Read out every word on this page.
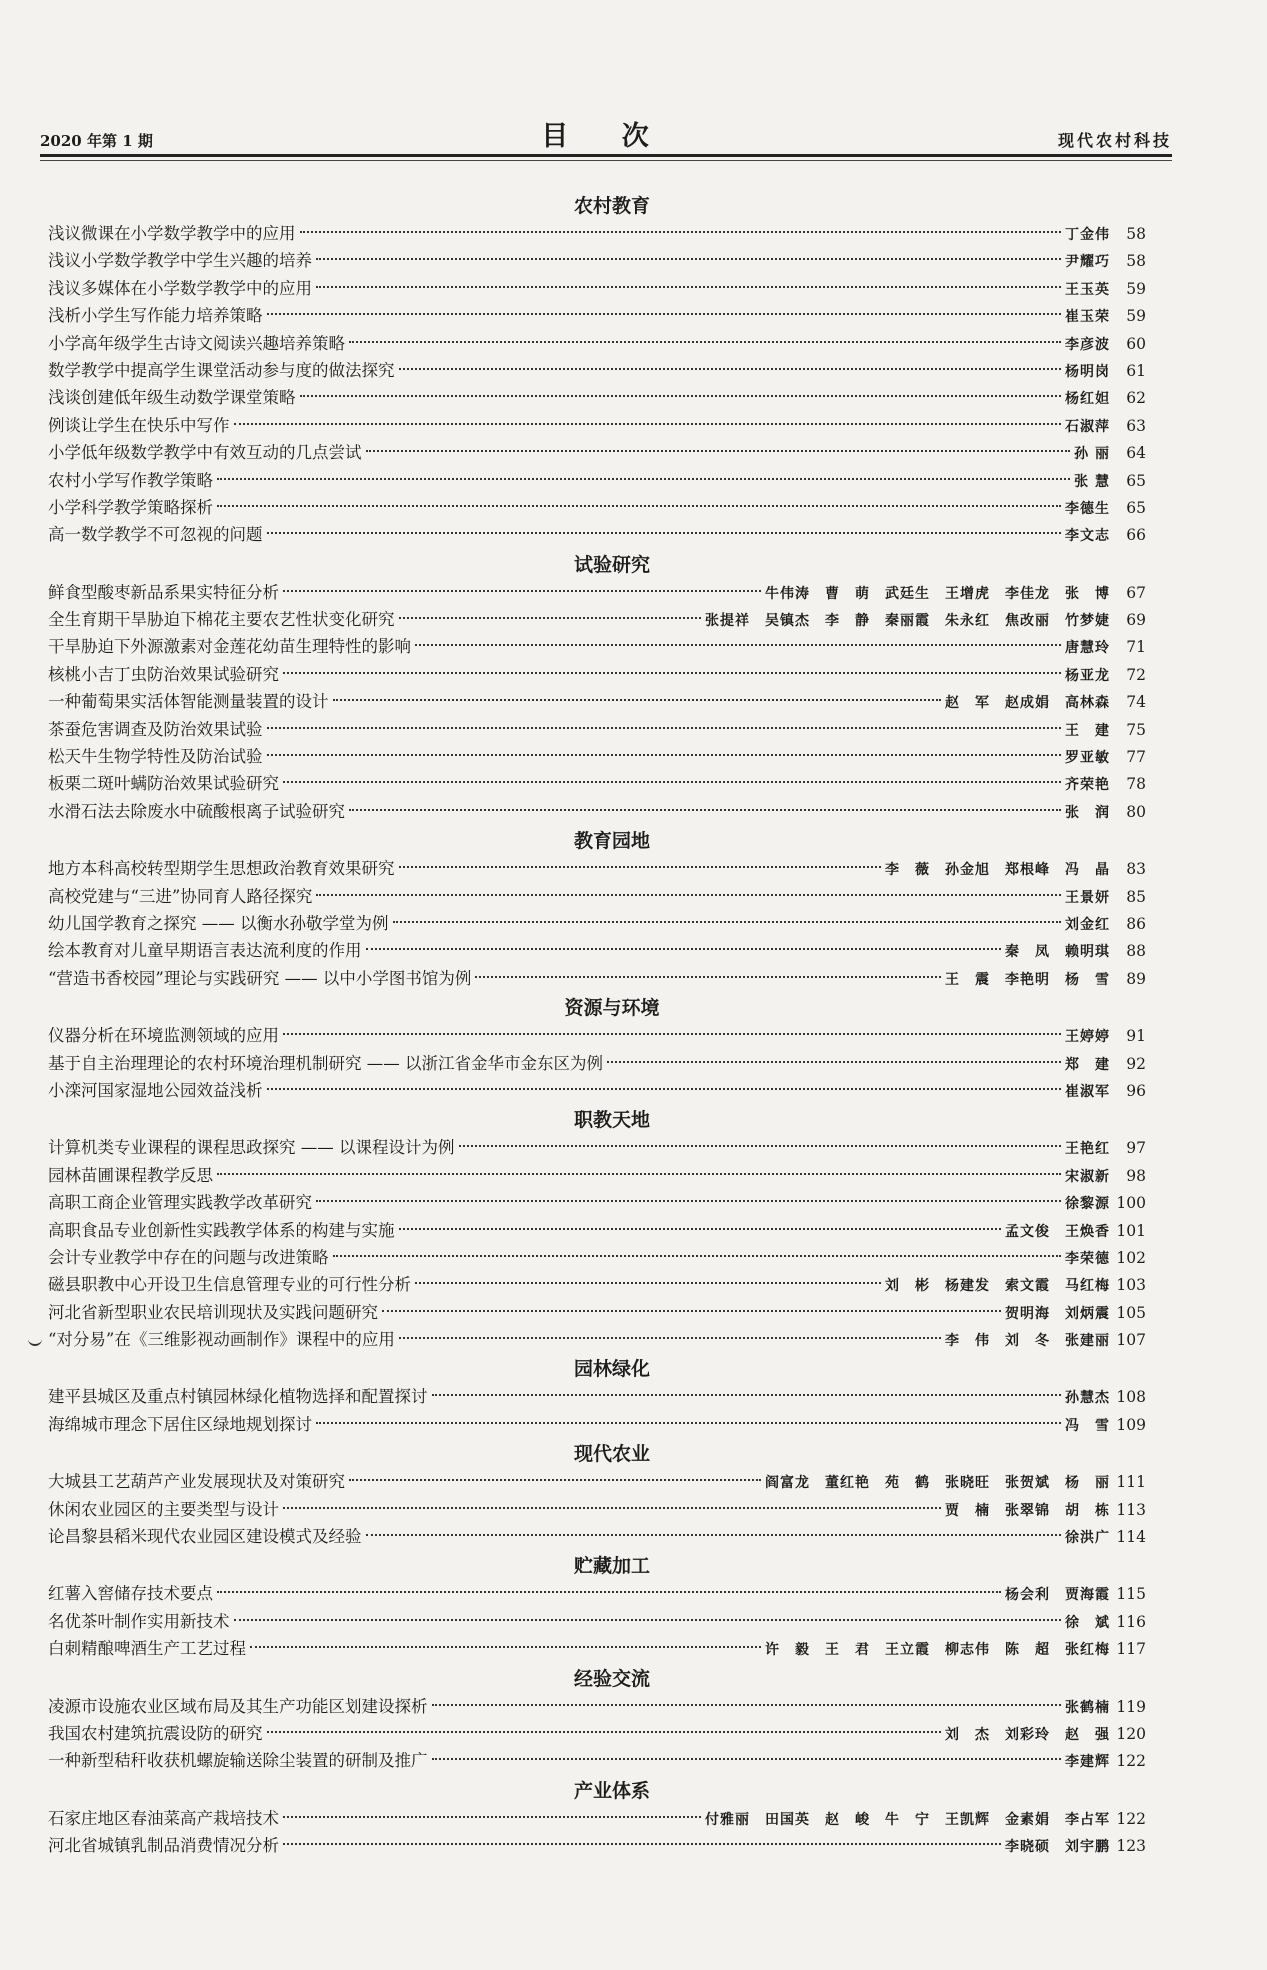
2020 年第 1 期	目 次	现代农村科技
农村教育
浅议微课在小学数学教学中的应用	丁金伟	58
浅议小学数学教学中学生兴趣的培养	尹耀巧	58
浅议多媒体在小学数学教学中的应用	王玉英	59
浅析小学生写作能力培养策略	崔玉荣	59
小学高年级学生古诗文阅读兴趣培养策略	李彦波	60
数学教学中提高学生课堂活动参与度的做法探究	杨明岗	61
浅谈创建低年级生动数学课堂策略	杨红妲	62
例谈让学生在快乐中写作	石淑萍	63
小学低年级数学教学中有效互动的几点尝试	孙 丽	64
农村小学写作教学策略	张 慧	65
小学科学教学策略探析	李德生	65
高一数学教学不可忽视的问题	李文志	66
试验研究
鲜食型酸枣新品系果实特征分析	牛伟涛　曹　萌　武廷生　王增虎　李佳龙　张　博	67
全生育期干旱胁迫下棉花主要农艺性状变化研究	张提祥　吴镇杰　李　静　秦丽霞　朱永红　焦改丽　竹梦婕	69
干旱胁迫下外源激素对金莲花幼苗生理特性的影响	唐慧玲	71
核桃小吉丁虫防治效果试验研究	杨亚龙	72
一种葡萄果实活体智能测量装置的设计	赵　军　赵成娟　高林森	74
茶蚕危害调查及防治效果试验	王　建	75
松天牛生物学特性及防治试验	罗亚敏	77
板栗二斑叶螨防治效果试验研究	齐荣艳	78
水滑石法去除废水中硫酸根离子试验研究	张　润	80
教育园地
地方本科高校转型期学生思想政治教育效果研究	李　薇　孙金旭　郑根峰　冯　晶	83
高校党建与“三进”协同育人路径探究	王景妍	85
幼儿国学教育之探究 —— 以衡水孙敬学堂为例	刘金红	86
绘本教育对儿童早期语言表达流利度的作用	秦　凤　赖明琪	88
“营造书香校园”理论与实践研究 —— 以中小学图书馆为例	王　震　李艳明　杨　雪	89
资源与环境
仪器分析在环境监测领域的应用	王婷婷	91
基于自主治理理论的农村环境治理机制研究 —— 以浙江省金华市金东区为例	郑　建	92
小滦河国家湿地公园效益浅析	崔淑军	96
职教天地
计算机类专业课程的课程思政探究 —— 以课程设计为例	王艳红	97
园林苗圃课程教学反思	宋淑新	98
高职工商企业管理实践教学改革研究	徐黎源 100
高职食品专业创新性实践教学体系的构建与实施	孟文俊　王焕香 101
会计专业教学中存在的问题与改进策略	李荣德 102
磁县职教中心开设卫生信息管理专业的可行性分析	刘　彬　杨建发　索文霞　马红梅 103
河北省新型职业农民培训现状及实践问题研究	贺明海　刘炳震 105
“对分易”在《三维影视动画制作》课程中的应用	李　伟　刘　冬　张建丽 107
园林绿化
建平县城区及重点村镇园林绿化植物选择和配置探讨	孙慧杰 108
海绵城市理念下居住区绿地规划探讨	冯　雪 109
现代农业
大城县工艺葫芦产业发展现状及对策研究	阎富龙　董红艳　苑　鹤　张晓旺　张贺斌　杨　丽 111
休闲农业园区的主要类型与设计	贾　楠　张翠锦　胡　栋 113
论昌黎县稻米现代农业园区建设模式及经验	徐洪广 114
贮藏加工
红薯入窖储存技术要点	杨会利　贾海霞 115
名优茶叶制作实用新技术	徐　斌 116
白刺精酿啤酒生产工艺过程	许　毅　王　君　王立霞　柳志伟　陈　超　张红梅 117
经验交流
凌源市设施农业区域布局及其生产功能区划建设探析	张鹤楠 119
我国农村建筑抗震设防的研究	刘　杰　刘彩玲　赵　强 120
一种新型秸秆收获机螺旋输送除尘装置的研制及推广	李建辉 122
产业体系
石家庄地区春油菜高产栽培技术	付雅丽　田国英　赵　峻　牛　宁　王凯辉　金素娟　李占军 122
河北省城镇乳制品消费情况分析	李晓硕　刘宇鹏 123
